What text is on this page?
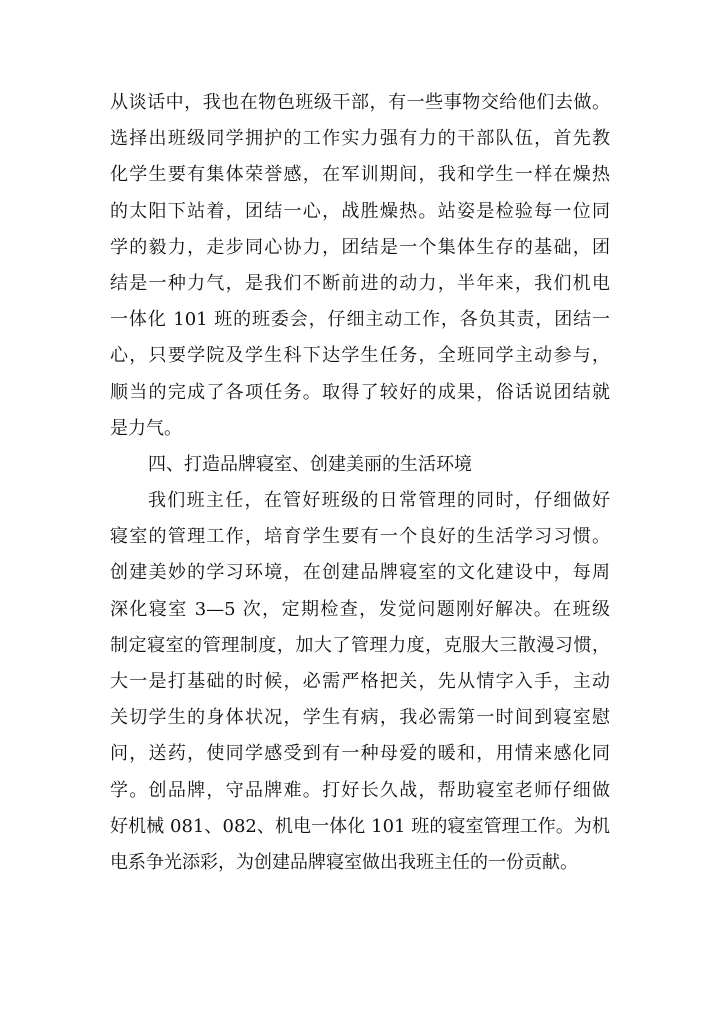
从谈话中，我也在物色班级干部，有一些事物交给他们去做。
选择出班级同学拥护的工作实力强有力的干部队伍，首先教
化学生要有集体荣誉感，在军训期间，我和学生一样在燥热
的太阳下站着，团结一心，战胜燥热。站姿是检验每一位同
学的毅力，走步同心协力，团结是一个集体生存的基础，团
结是一种力气，是我们不断前进的动力，半年来，我们机电
一体化 101 班的班委会，仔细主动工作，各负其责，团结一
心，只要学院及学生科下达学生任务，全班同学主动参与，
顺当的完成了各项任务。取得了较好的成果，俗话说团结就
是力气。
四、打造品牌寝室、创建美丽的生活环境
我们班主任，在管好班级的日常管理的同时，仔细做好
寝室的管理工作，培育学生要有一个良好的生活学习习惯。
创建美妙的学习环境，在创建品牌寝室的文化建设中，每周
深化寝室 3—5 次，定期检查，发觉问题刚好解决。在班级
制定寝室的管理制度，加大了管理力度，克服大三散漫习惯，
大一是打基础的时候，必需严格把关，先从情字入手，主动
关切学生的身体状况，学生有病，我必需第一时间到寝室慰
问，送药，使同学感受到有一种母爱的暖和，用情来感化同
学。创品牌，守品牌难。打好长久战，帮助寝室老师仔细做
好机械 081、082、机电一体化 101 班的寝室管理工作。为机
电系争光添彩，为创建品牌寝室做出我班主任的一份贡献。
